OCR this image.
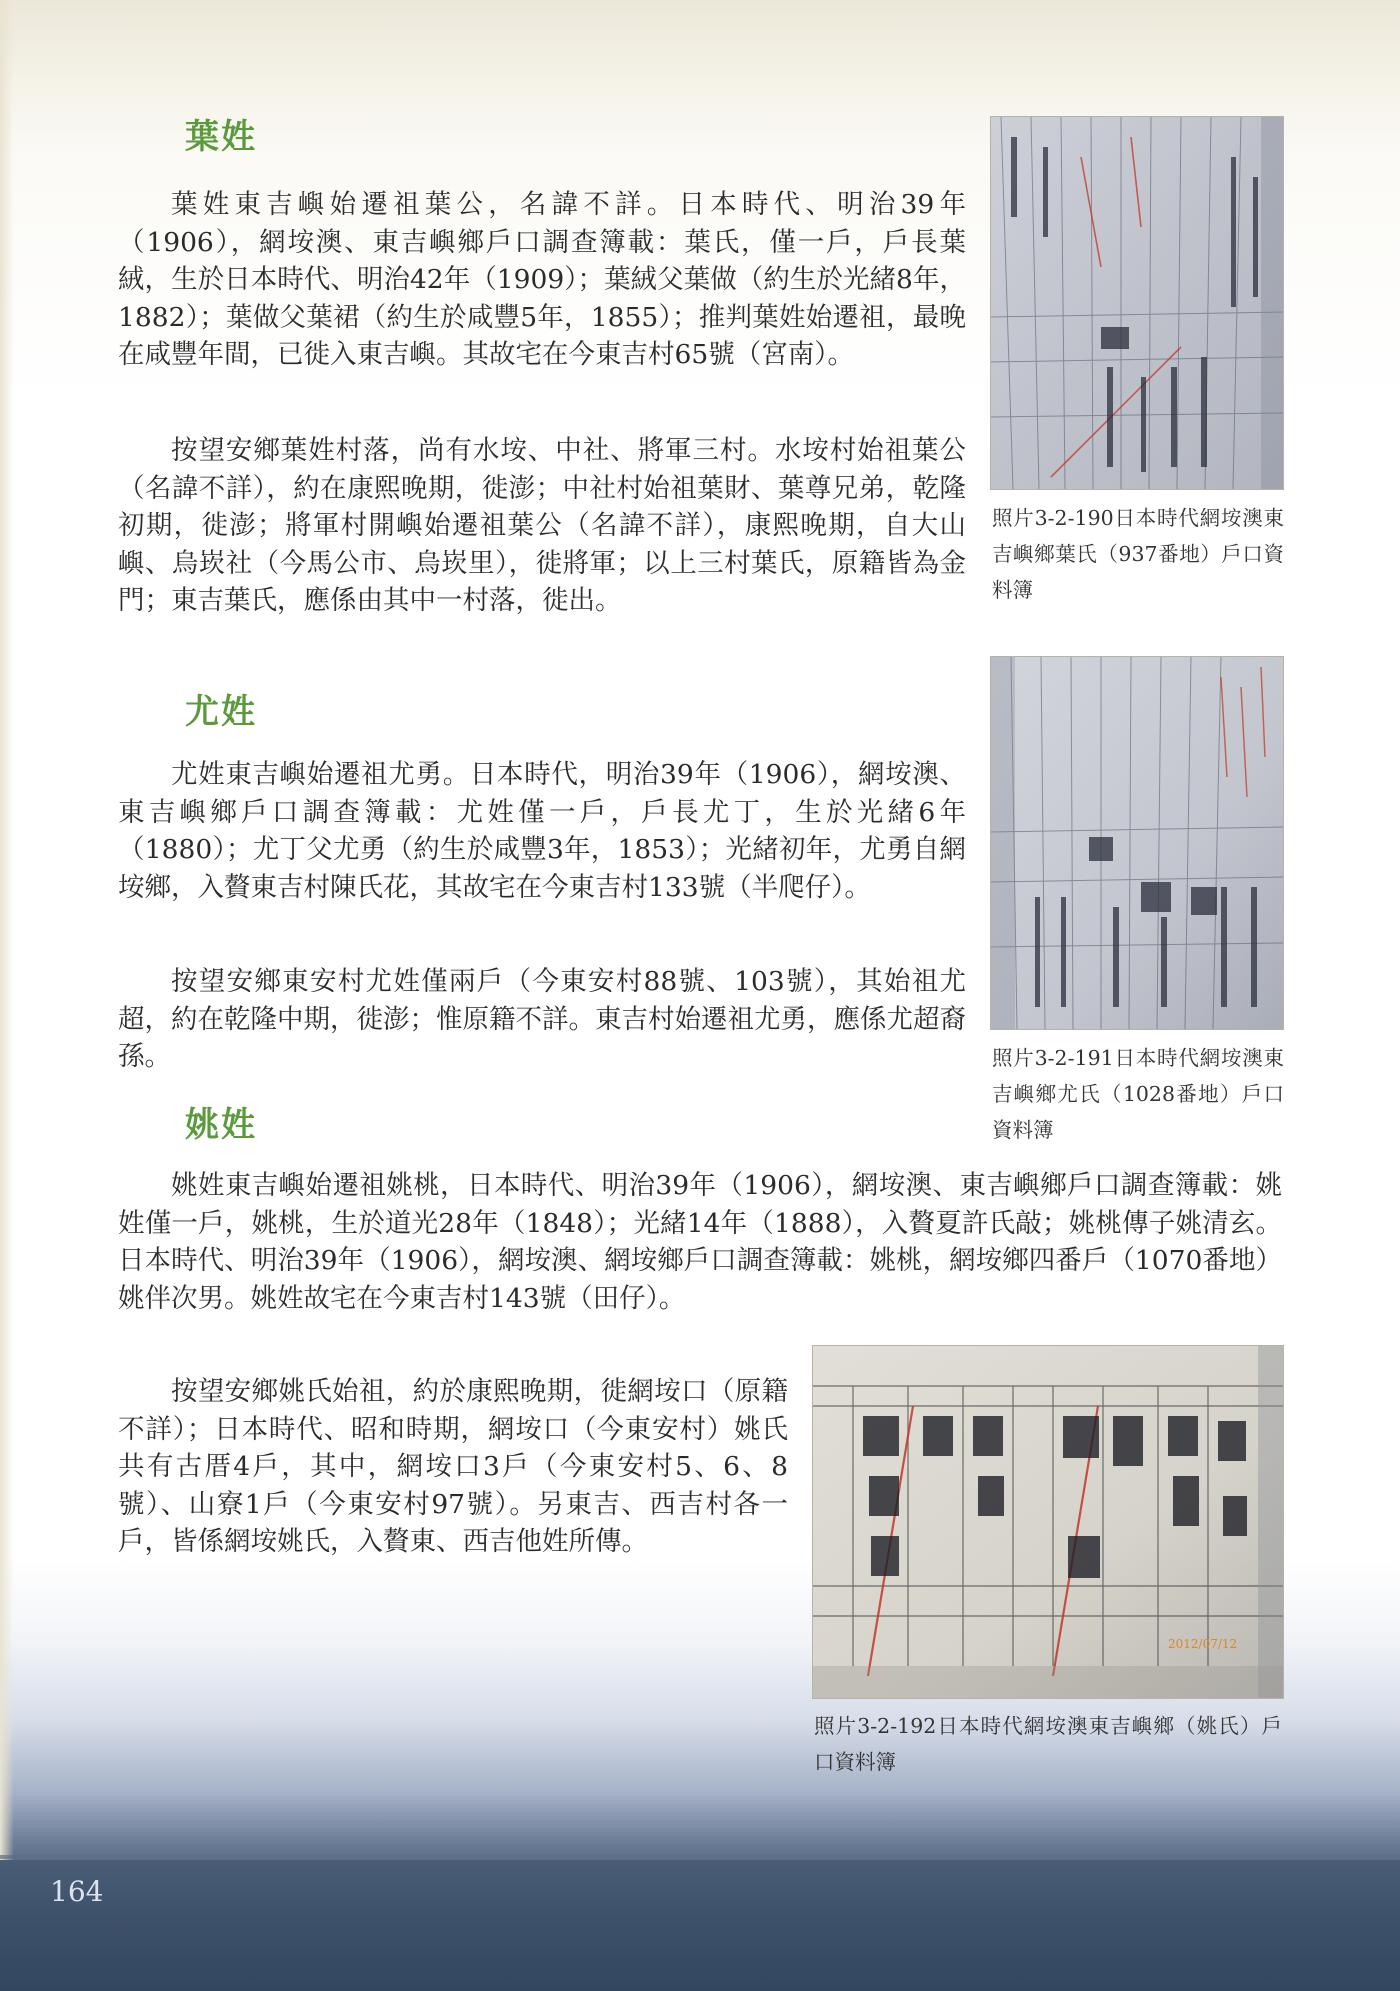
葉姓

葉姓東吉嶼始遷祖葉公，名諱不詳。日本時代、明治39年（1906），網垵澳、東吉嶼鄉戶口調查簿載：葉氏，僅一戶，戶長葉絨，生於日本時代、明治42年（1909）；葉絨父葉做（約生於光緒8年，1882）；葉做父葉裙（約生於咸豐5年，1855）；推判葉姓始遷祖，最晚在咸豐年間，已徙入東吉嶼。其故宅在今東吉村65號（宮南）。

按望安鄉葉姓村落，尚有水垵、中社、將軍三村。水垵村始祖葉公（名諱不詳），約在康熙晚期，徙澎；中社村始祖葉財、葉尊兄弟，乾隆初期，徙澎；將軍村開嶼始遷祖葉公（名諱不詳），康熙晚期，自大山嶼、烏崁社（今馬公市、烏崁里），徙將軍；以上三村葉氏，原籍皆為金門；東吉葉氏，應係由其中一村落，徙出。

照片3-2-190日本時代網垵澳東吉嶼鄉葉氏（937番地）戶口資料簿

尤姓

尤姓東吉嶼始遷祖尤勇。日本時代，明治39年（1906），網垵澳、東吉嶼鄉戶口調查簿載：尤姓僅一戶，戶長尤丁，生於光緒6年（1880）；尤丁父尤勇（約生於咸豐3年，1853）；光緒初年，尤勇自網垵鄉，入贅東吉村陳氏花，其故宅在今東吉村133號（半爬仔）。

按望安鄉東安村尤姓僅兩戶（今東安村88號、103號），其始祖尤超，約在乾隆中期，徙澎；惟原籍不詳。東吉村始遷祖尤勇，應係尤超裔孫。	照片3-2-191日本時代網垵澳東吉嶼鄉尤氏（1028番地）戶口資料簿

姚姓

姚姓東吉嶼始遷祖姚桃，日本時代、明治39年（1906），網垵澳、東吉嶼鄉戶口調查簿載：姚姓僅一戶，姚桃，生於道光28年（1848）；光緒14年（1888），入贅夏許氏敲；姚桃傳子姚清玄。日本時代、明治39年（1906），網垵澳、網垵鄉戶口調查簿載：姚桃，網垵鄉四番戶（1070番地）姚伴次男。姚姓故宅在今東吉村143號（田仔）。

按望安鄉姚氏始祖，約於康熙晚期，徙網垵口（原籍不詳）；日本時代、昭和時期，網垵口（今東安村）姚氏共有古厝4戶，其中，網垵口3戶（今東安村5、6、8號）、山寮1戶（今東安村97號）。另東吉、西吉村各一戶，皆係網垵姚氏，入贅東、西吉他姓所傳。

2012/07/12

照片3-2-192日本時代網垵澳東吉嶼鄉（姚氏）戶口資料簿

164
